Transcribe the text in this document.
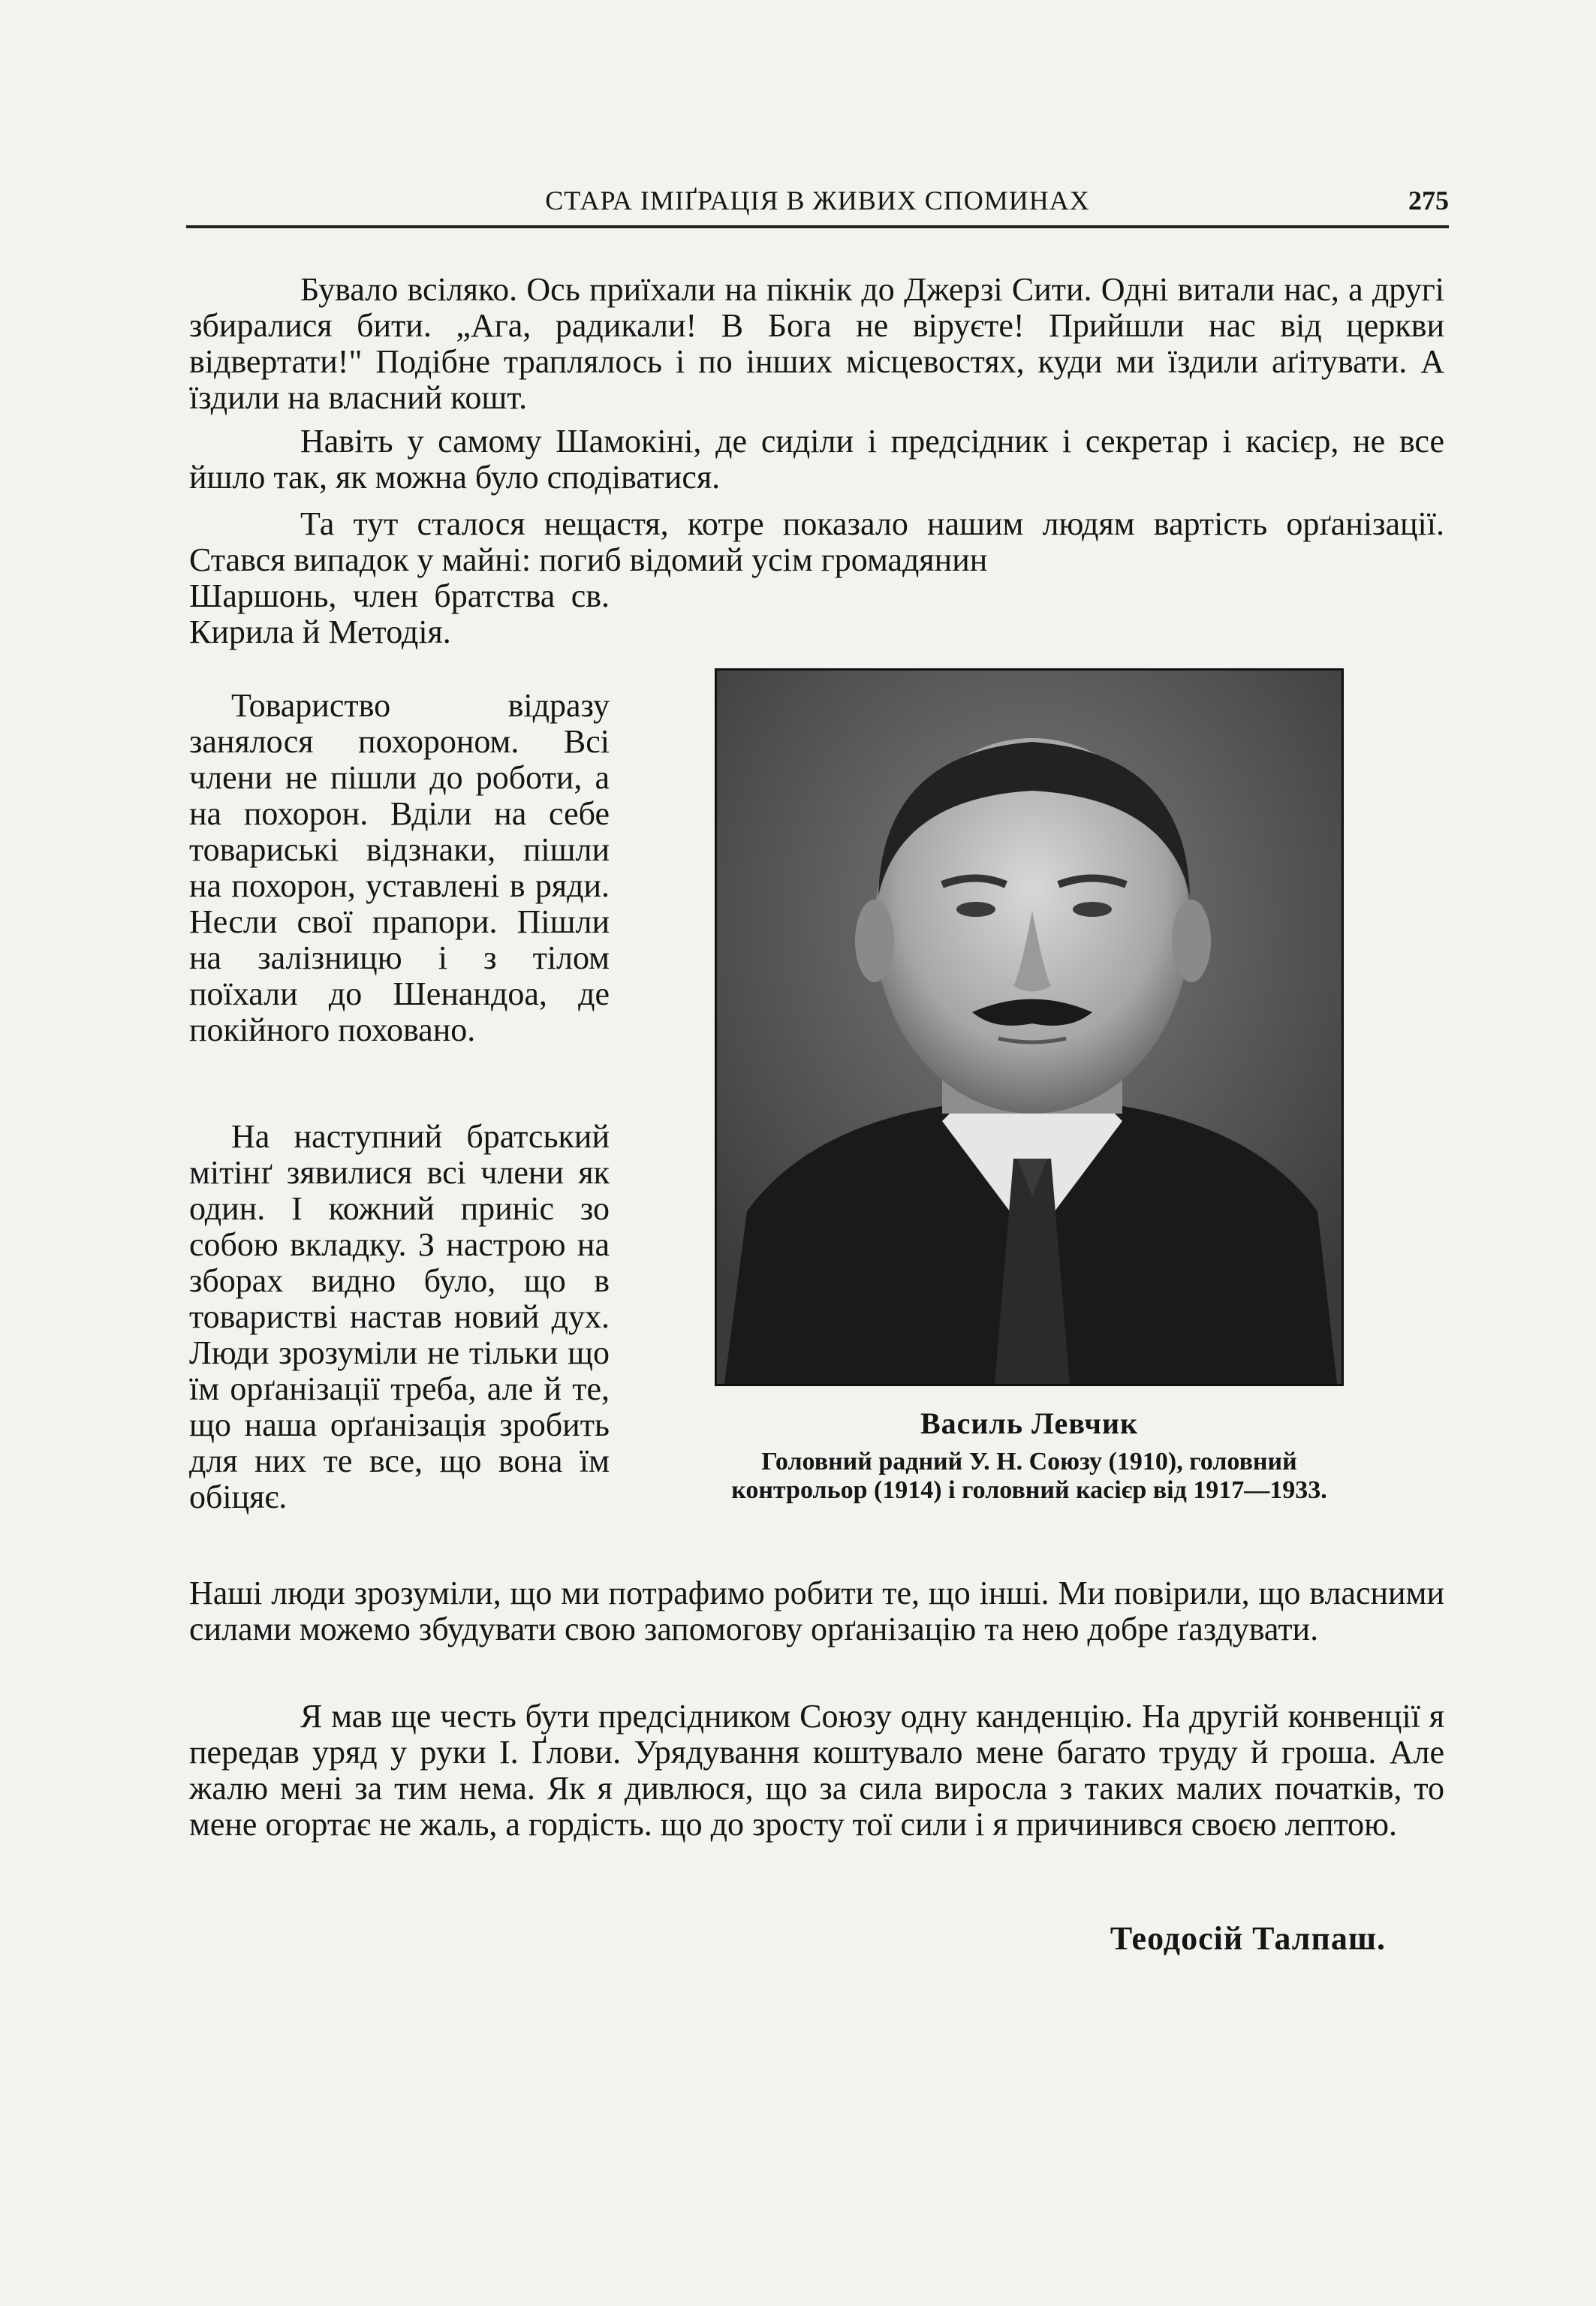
СТАРА ІМІҐРАЦІЯ В ЖИВИХ СПОМИНАХ	275

Бувало всіляко. Ось приїхали на пікнік до Джерзі Сити. Одні витали нас, а другі збиралися бити. „Ага, радикали! В Бога не віруєте! Прийшли нас від церкви відвертати!" Подібне траплялось і по інших місцевостях, куди ми їздили аґітувати. А їздили на власний кошт.

Навіть у самому Шамокіні, де сиділи і предсідник і секретар і касієр, не все йшло так, як можна було сподіватися.

Та тут сталося нещастя, котре показало нашим людям вартість орґанізації. Стався випадок у майні: погиб відомий усім громадянин

Шаршонь, член братства св. Кирила й Методія.

Товариство відразу занялося похороном. Всі члени не пішли до роботи, а на похорон. Вділи на себе товариські відзнаки, пішли на похорон, уставлені в ряди. Несли свої прапори. Пішли на залізницю і з тілом поїхали до Шенандоа, де покійного поховано.

На наступний братський мітінґ зявилися всі члени як один. І кожний приніс зо собою вкладку. З настрою на зборах видно було, що в товаристві настав новий дух. Люди зрозуміли не тільки що їм орґанізації треба, але й те, що наша орґанізація зробить для них те все, що вона їм обіцяє.

Василь Левчик
Головний радний У. Н. Союзу (1910), головний контрольор (1914) і головний касієр від 1917—1933.

Наші люди зрозуміли, що ми потрафимо робити те, що інші. Ми повірили, що власними силами можемо збудувати свою запомогову орґанізацію та нею добре ґаздувати.

Я мав ще честь бути предсідником Союзу одну канденцію. На другій конвенції я передав уряд у руки І. Ґлови. Урядування коштувало мене багато труду й гроша. Але жалю мені за тим нема. Як я дивлюся, що за сила виросла з таких малих початків, то мене огортає не жаль, а гордість. що до зросту тої сили і я причинився своєю лептою.

Теодосій Талпаш.
